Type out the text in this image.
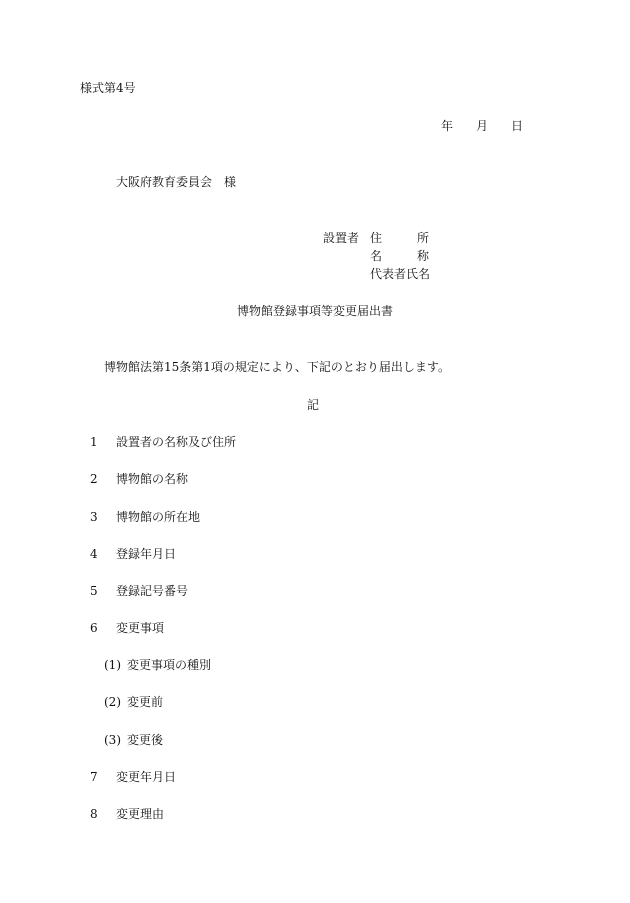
様式第4号
年 月 日
大阪府教育委員会　様
設置者 住	所
名	称
代表者氏名
博物館登録事項等変更届出書
博物館法第15条第1項の規定により、下記のとおり届出します。
記
1 設置者の名称及び住所
2 博物館の名称
3 博物館の所在地
4 登録年月日
5 登録記号番号
6 変更事項
(1) 変更事項の種別
(2) 変更前
(3) 変更後
7 変更年月日
8 変更理由
